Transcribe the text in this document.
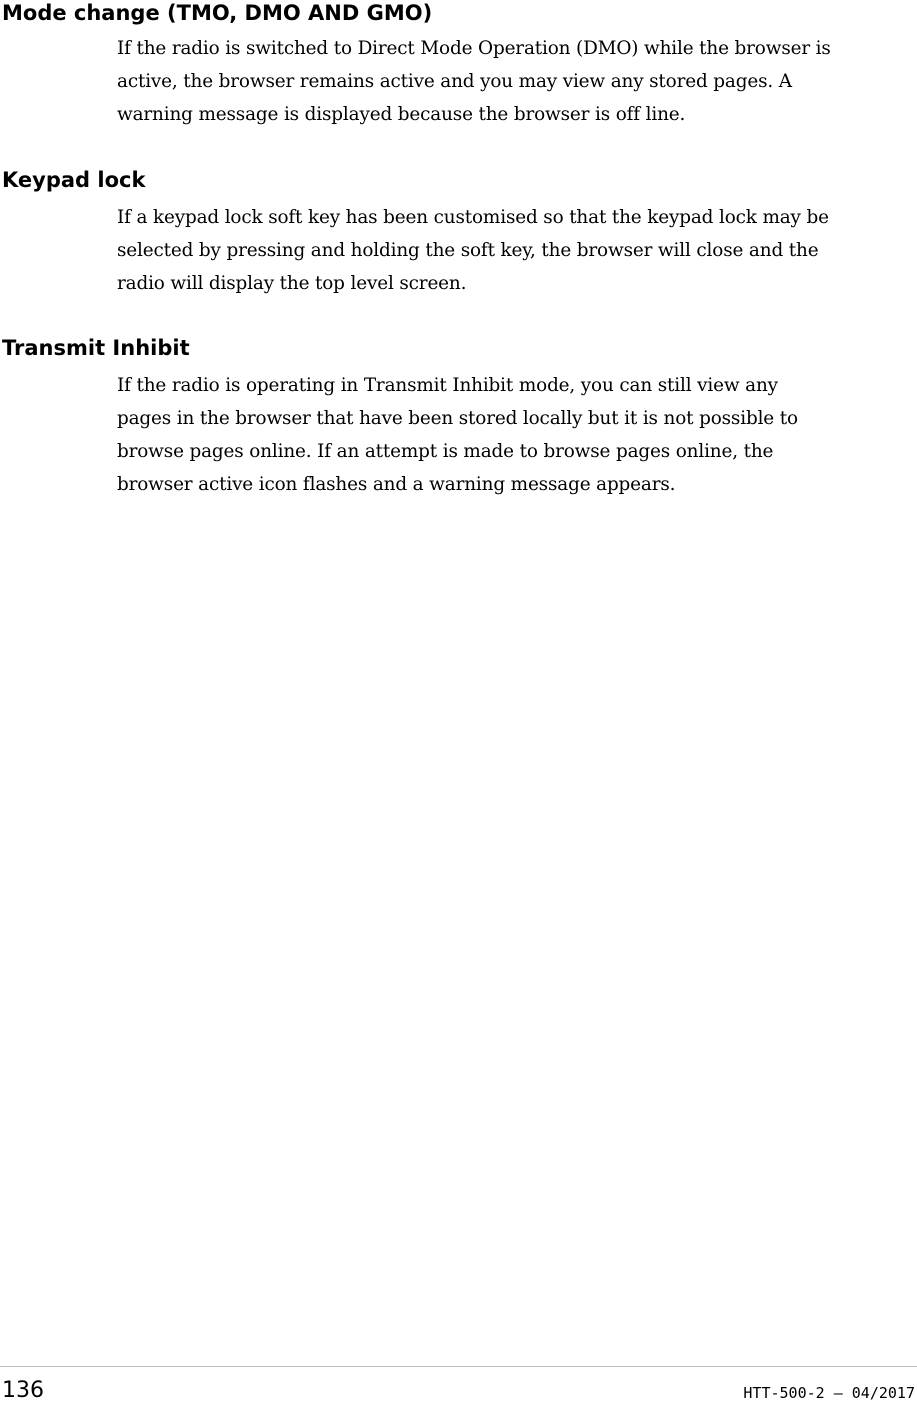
Mode change (TMO, DMO AND GMO)

If the radio is switched to Direct Mode Operation (DMO) while the browser is
active, the browser remains active and you may view any stored pages. A
warning message is displayed because the browser is off line.

Keypad lock

If a keypad lock soft key has been customised so that the keypad lock may be
selected by pressing and holding the soft key, the browser will close and the
radio will display the top level screen.

Transmit Inhibit

If the radio is operating in Transmit Inhibit mode, you can still view any
pages in the browser that have been stored locally but it is not possible to
browse pages online. If an attempt is made to browse pages online, the
browser active icon flashes and a warning message appears.

136	HTT-500-2 – 04/2017
